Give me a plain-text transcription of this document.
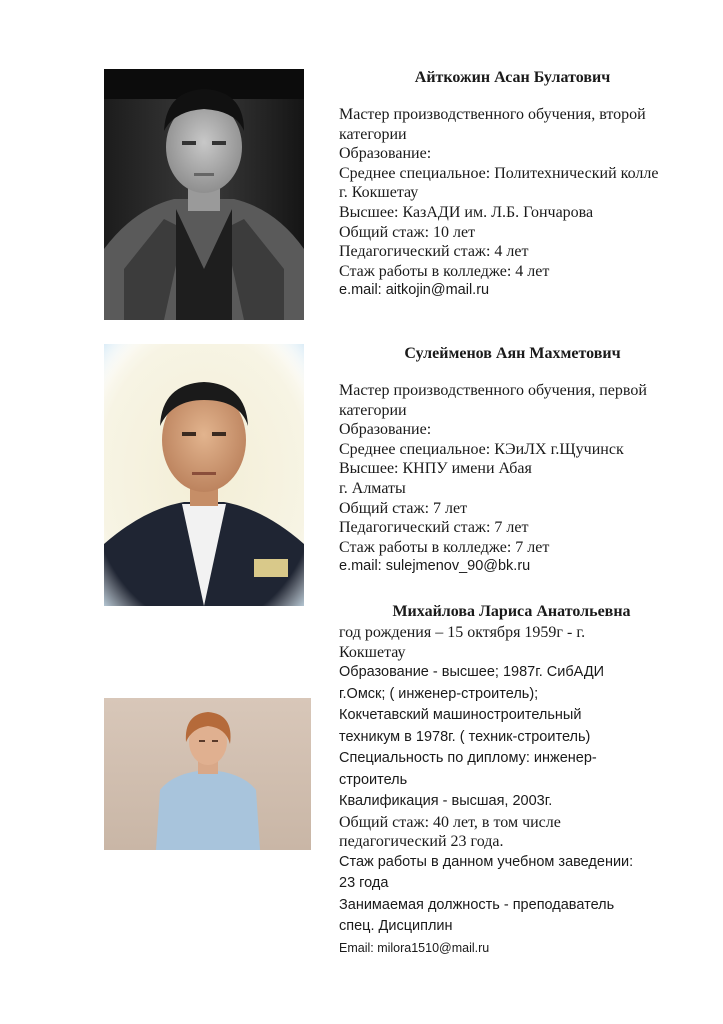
Айткожин Асан Булатович
Мастер производственного обучения, второй
категории
Образование:
Среднее специальное: Политехнический колле
г. Кокшетау
Высшее: КазАДИ им. Л.Б. Гончарова
Общий стаж: 10 лет
Педагогический стаж: 4 лет
Стаж работы в колледже: 4 лет
e.mail: aitkojin@mail.ru
Сулейменов Аян Махметович
Мастер производственного обучения, первой
категории
Образование:
Среднее специальное: КЭиЛХ г.Щучинск
Высшее: КНПУ имени Абая
г. Алматы
Общий стаж: 7 лет
Педагогический стаж: 7 лет
Стаж работы в колледже: 7 лет
e.mail: sulejmenov_90@bk.ru
Михайлова Лариса Анатольевна
год рождения – 15 октября 1959г - г.
Кокшетау
Образование - высшее; 1987г. СибАДИ
г.Омск; ( инженер-строитель);
Кокчетавский машиностроительный
техникум в 1978г. ( техник-строитель)
Специальность по диплому: инженер-
строитель
Квалификация - высшая, 2003г.
Общий стаж: 40 лет, в том числе
педагогический 23 года.
Стаж работы в данном учебном заведении:
23 года
Занимаемая должность - преподаватель
спец. Дисциплин
Email: milora1510@mail.ru
